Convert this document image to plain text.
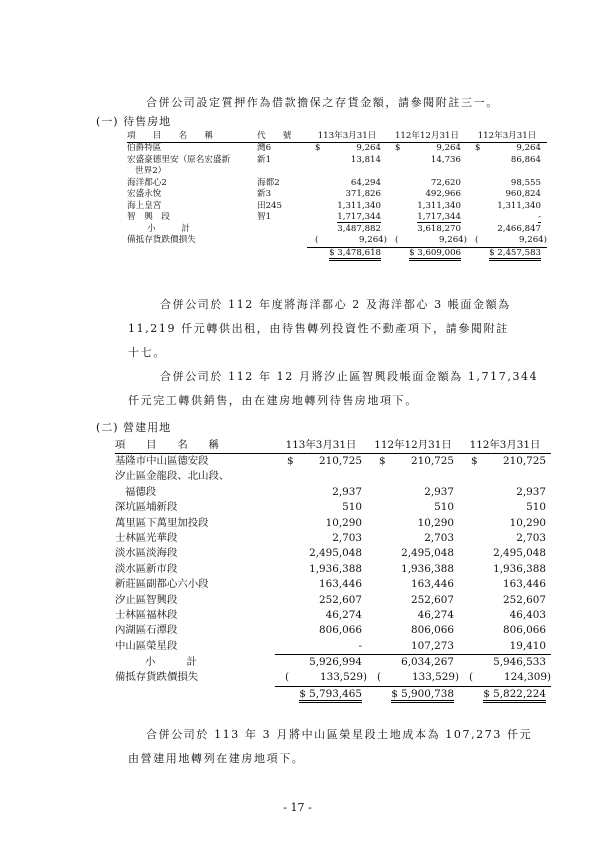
合併公司設定質押作為借款擔保之存貨金額，請參閱附註三一。
(一) 待售房地
項　　目　　名　　稱	代　　號	113年3月31日	112年12月31日	112年3月31日
伯爵特區	灣6	$ 9,264	$ 9,264	$ 9,264
宏盛豪德里安（原名宏盛新	新1	13,814	14,736	86,864
世界2）				
海洋都心2	海都2	64,294	72,620	98,555
宏盛永悅	新3	371,826	492,966	960,824
海上皇宮	田245	1,311,340	1,311,340	1,311,340
智　興　段	智1	1,717,344	1,717,344	-
小　　　計		3,487,882	3,618,270	2,466,847
備抵存貨跌價損失		( 9,264)	( 9,264)	( 9,264)
		$ 3,478,618	$ 3,609,006	$ 2,457,583
合併公司於 112 年度將海洋都心 2 及海洋都心 3 帳面金額為
11,219 仟元轉供出租，由待售轉列投資性不動產項下，請參閱附註
十七。
合併公司於 112 年 12 月將汐止區智興段帳面金額為 1,717,344
仟元完工轉供銷售，由在建房地轉列待售房地項下。
(二) 營建用地
項　　目　　名　　稱	113年3月31日	112年12月31日	112年3月31日
基隆市中山區德安段	$ 210,725	$ 210,725	$ 210,725
汐止區金龍段、北山段、			
福德段	2,937	2,937	2,937
深坑區埔新段	510	510	510
萬里區下萬里加投段	10,290	10,290	10,290
士林區光華段	2,703	2,703	2,703
淡水區淡海段	2,495,048	2,495,048	2,495,048
淡水區新市段	1,936,388	1,936,388	1,936,388
新莊區副都心六小段	163,446	163,446	163,446
汐止區智興段	252,607	252,607	252,607
士林區福林段	46,274	46,274	46,403
內湖區石潭段	806,066	806,066	806,066
中山區榮星段	-	107,273	19,410
小　　　計	5,926,994	6,034,267	5,946,533
備抵存貨跌價損失	( 133,529)	( 133,529)	( 124,309)
	$ 5,793,465	$ 5,900,738	$ 5,822,224
合併公司於 113 年 3 月將中山區榮星段土地成本為 107,273 仟元
由營建用地轉列在建房地項下。
- 17 -
